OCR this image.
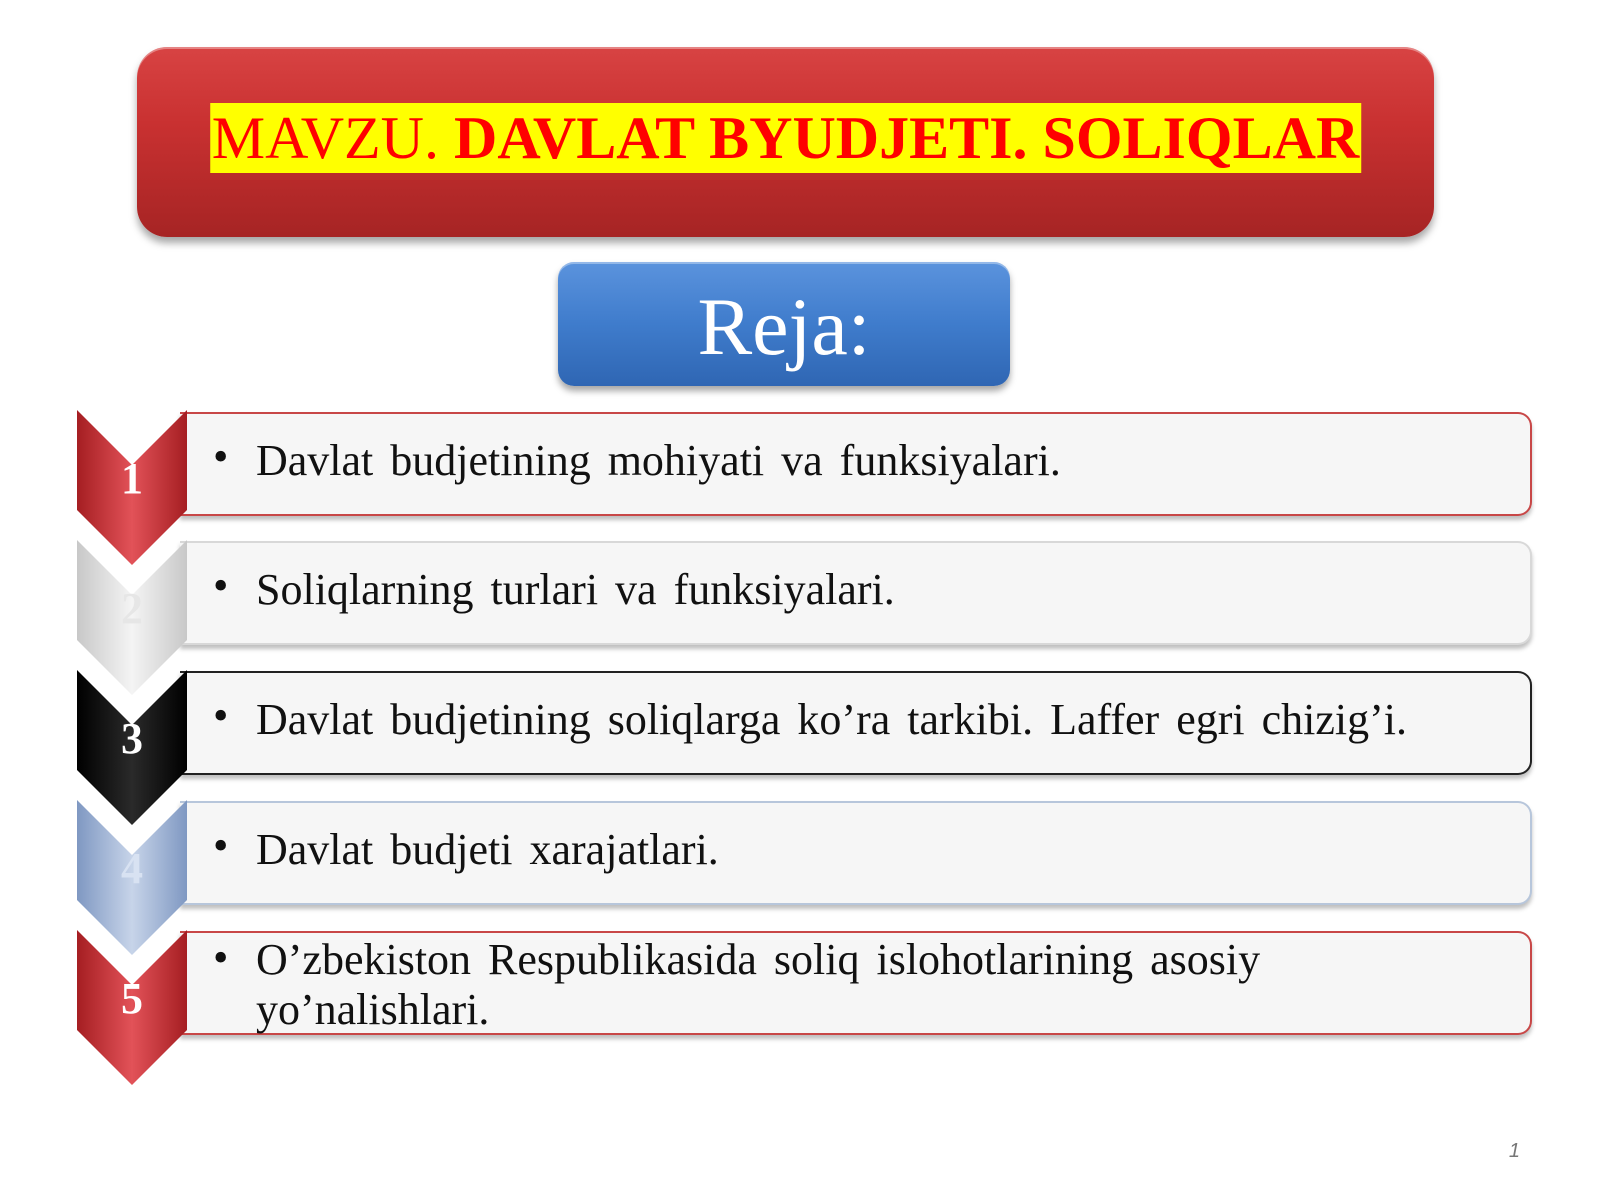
MAVZU. DAVLAT BYUDJETI. SOLIQLAR
Reja:
• Davlat budjetining mohiyati va funksiyalari.
1
• Soliqlarning turlari va funksiyalari.
2
• Davlat budjetining soliqlarga ko’ra tarkibi. Laffer egri chizig’i.
3
• Davlat budjeti xarajatlari.
4
• O’zbekiston Respublikasida soliq islohotlarining asosiy yo’nalishlari.
5
1
